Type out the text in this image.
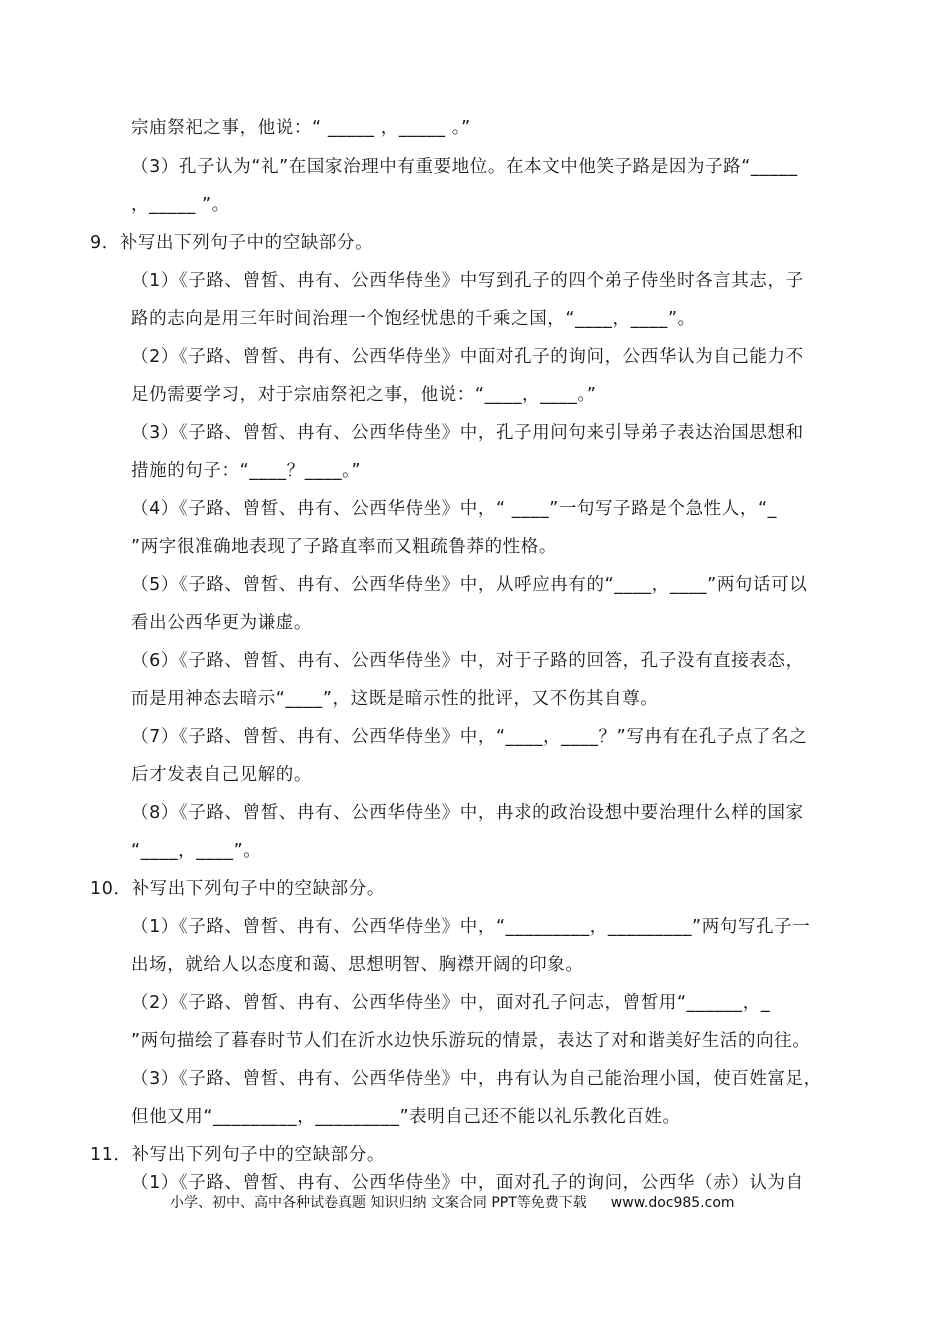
宗庙祭祀之事，他说：“ _____ ，_____ 。”

（3）孔子认为“礼”在国家治理中有重要地位。在本文中他笑子路是因为子路“_____

，_____ ”。

9．补写出下列句子中的空缺部分。

（1）《子路、曾皙、冉有、公西华侍坐》中写到孔子的四个弟子侍坐时各言其志，子

路的志向是用三年时间治理一个饱经忧患的千乘之国，“____，____”。

（2）《子路、曾皙、冉有、公西华侍坐》中面对孔子的询问，公西华认为自己能力不

足仍需要学习，对于宗庙祭祀之事，他说：“____，____。”

（3）《子路、曾皙、冉有、公西华侍坐》中，孔子用问句来引导弟子表达治国思想和

措施的句子：“____？____。”

（4）《子路、曾皙、冉有、公西华侍坐》中，“ ____”一句写子路是个急性人，“_

”两字很准确地表现了子路直率而又粗疏鲁莽的性格。

（5）《子路、曾皙、冉有、公西华侍坐》中，从呼应冉有的“____，____”两句话可以

看出公西华更为谦虚。

（6）《子路、曾皙、冉有、公西华侍坐》中，对于子路的回答，孔子没有直接表态，

而是用神态去暗示“____”，这既是暗示性的批评，又不伤其自尊。

（7）《子路、曾皙、冉有、公西华侍坐》中，“____，____？”写冉有在孔子点了名之

后才发表自己见解的。

（8）《子路、曾皙、冉有、公西华侍坐》中，冉求的政治设想中要治理什么样的国家

“____，____”。

10．补写出下列句子中的空缺部分。

（1）《子路、曾皙、冉有、公西华侍坐》中，“_________，_________”两句写孔子一

出场，就给人以态度和蔼、思想明智、胸襟开阔的印象。

（2）《子路、曾皙、冉有、公西华侍坐》中，面对孔子问志，曾皙用“______，_

”两句描绘了暮春时节人们在沂水边快乐游玩的情景，表达了对和谐美好生活的向往。

（3）《子路、曾皙、冉有、公西华侍坐》中，冉有认为自己能治理小国，使百姓富足，

但他又用“_________，_________”表明自己还不能以礼乐教化百姓。

11．补写出下列句子中的空缺部分。

（1）《子路、曾皙、冉有、公西华侍坐》中，面对孔子的询问，公西华（赤）认为自

小学、初中、高中各种试卷真题 知识归纳 文案合同 PPT等免费下载 www.doc985.com
